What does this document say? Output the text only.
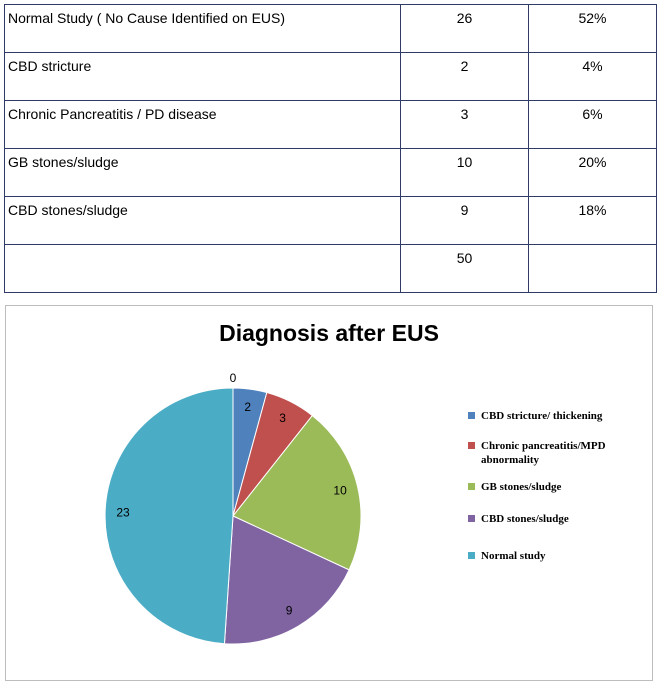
Normal Study ( No Cause Identified on EUS)	26	52%
CBD stricture	2	4%
Chronic Pancreatitis / PD disease	3	6%
GB stones/sludge	10	20%
CBD stones/sludge	9	18%
	50	
Diagnosis after EUS
0
2
3
10
9
23
CBD stricture/ thickening
Chronic pancreatitis/MPD abnormality
GB stones/sludge
CBD stones/sludge
Normal study
